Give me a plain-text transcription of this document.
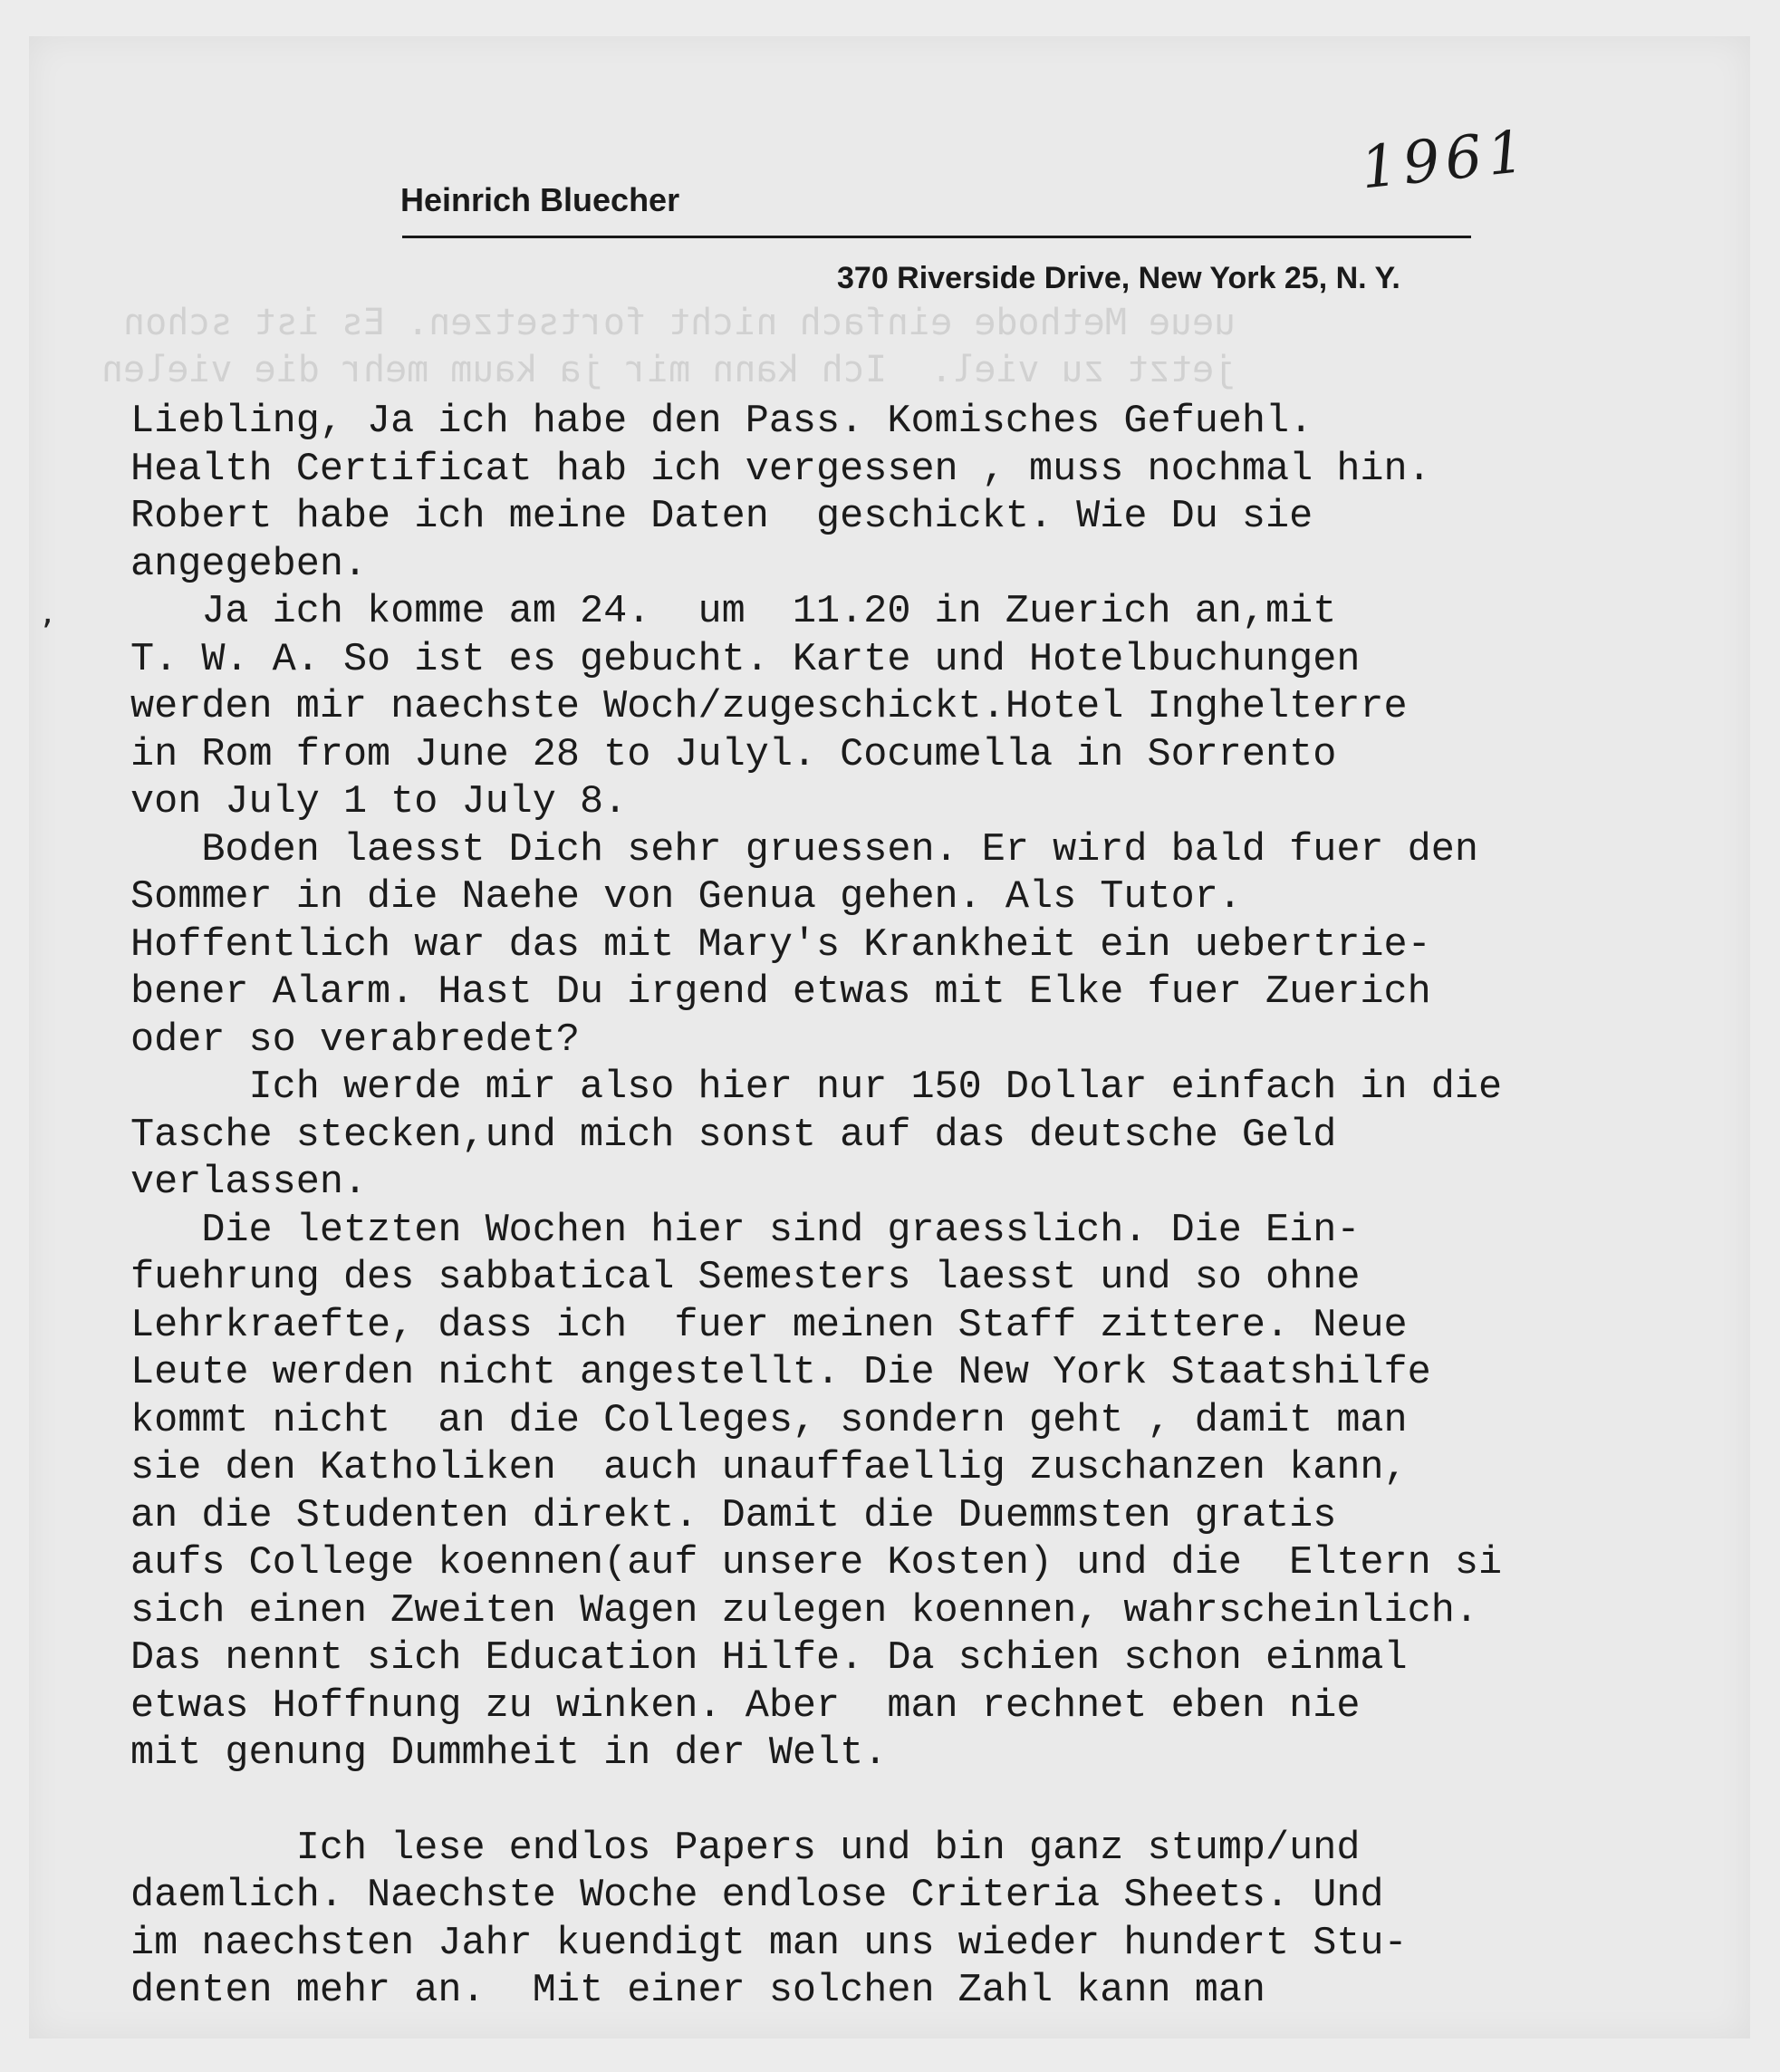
ueue Methode einfach nicht fortsetzen. Es ist schon
jetzt zu viel.  Ich kann mir ja kaum mehr die vielen
1961
Heinrich Bluecher
370 Riverside Drive, New York 25, N. Y.
,
Liebling, Ja ich habe den Pass. Komisches Gefuehl.
Health Certificat hab ich vergessen , muss nochmal hin.
Robert habe ich meine Daten  geschickt. Wie Du sie
angegeben.
Ja ich komme am 24.  um  11.20 in Zuerich an,mit
T. W. A. So ist es gebucht. Karte und Hotelbuchungen
werden mir naechste Woch/zugeschickt.Hotel Inghelterre
in Rom from June 28 to Julyl. Cocumella in Sorrento
von July 1 to July 8.
Boden laesst Dich sehr gruessen. Er wird bald fuer den
Sommer in die Naehe von Genua gehen. Als Tutor.
Hoffentlich war das mit Mary's Krankheit ein uebertrie-
bener Alarm. Hast Du irgend etwas mit Elke fuer Zuerich
oder so verabredet?
Ich werde mir also hier nur 150 Dollar einfach in die
Tasche stecken,und mich sonst auf das deutsche Geld
verlassen.
Die letzten Wochen hier sind graesslich. Die Ein-
fuehrung des sabbatical Semesters laesst und so ohne
Lehrkraefte, dass ich  fuer meinen Staff zittere. Neue
Leute werden nicht angestellt. Die New York Staatshilfe
kommt nicht  an die Colleges, sondern geht , damit man
sie den Katholiken  auch unauffaellig zuschanzen kann,
an die Studenten direkt. Damit die Duemmsten gratis
aufs College koennen(auf unsere Kosten) und die  Eltern si
sich einen Zweiten Wagen zulegen koennen, wahrscheinlich.
Das nennt sich Education Hilfe. Da schien schon einmal
etwas Hoffnung zu winken. Aber  man rechnet eben nie
mit genung Dummheit in der Welt.
Ich lese endlos Papers und bin ganz stump/und
daemlich. Naechste Woche endlose Criteria Sheets. Und
im naechsten Jahr kuendigt man uns wieder hundert Stu-
denten mehr an.  Mit einer solchen Zahl kann man
